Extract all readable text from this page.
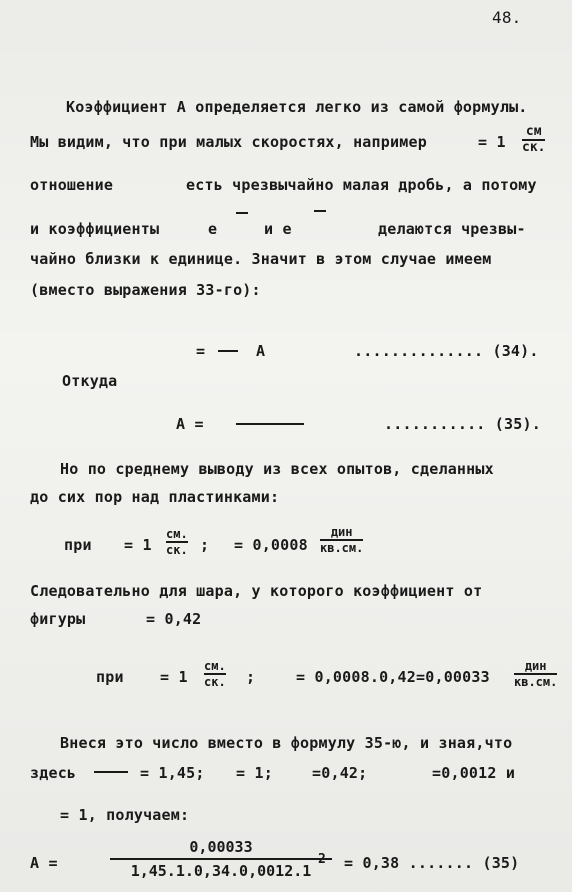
48.
Коэффициент А определяется легко из самой формулы.
Мы видим, что при малых скоростях, например	= 1
см
ск.
отношение	есть чрезвычайно малая дробь, а потому
и коэффициенты	е	и е	делаются чрезвы-
чайно близки к единице. Значит в этом случае имеем
(вместо выражения 33-го):
=	А	.............. (34).
Откуда
А =	........... (35).
Но по среднему выводу из всех опытов, сделанных
до сих пор над пластинками:
при = 1
см.
ск. ; = 0,0008
дин
кв.см.
Следовательно для шара, у которого коэффициент от
фигуры	= 0,42
при = 1
см.
ск. ;	= 0,0008.0,42=0,00033
дин
кв.см.
Внеся это число вместо в формулу 35-ю, и зная,что
здесь	= 1,45; = 1;	=0,42;	=0,0012 и
= 1, получаем:
А =
0,00033
1,45.1.0,34.0,0012.1
2 = 0,38 ....... (35)
